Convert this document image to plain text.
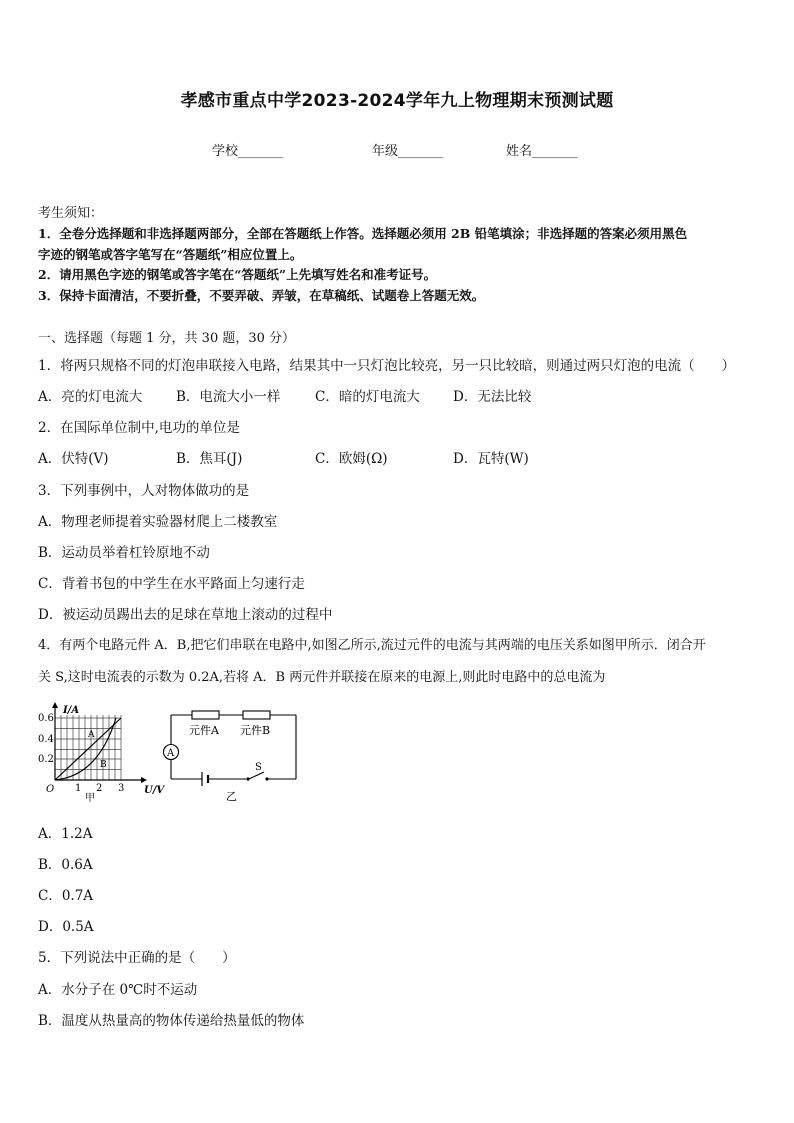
孝感市重点中学2023-2024学年九上物理期末预测试题
学校_______	年级_______	姓名_______
考生须知：
1．全卷分选择题和非选择题两部分，全部在答题纸上作答。选择题必须用 2B 铅笔填涂；非选择题的答案必须用黑色
字迹的钢笔或答字笔写在“答题纸”相应位置上。
2．请用黑色字迹的钢笔或答字笔在“答题纸”上先填写姓名和准考证号。
3．保持卡面清洁，不要折叠，不要弄破、弄皱，在草稿纸、试题卷上答题无效。
一、选择题（每题 1 分，共 30 题，30 分）
1．将两只规格不同的灯泡串联接入电路，结果其中一只灯泡比较亮，另一只比较暗，则通过两只灯泡的电流（　　）
A．亮的灯电流大	B．电流大小一样	C．暗的灯电流大 D．无法比较
2．在国际单位制中,电功的单位是
A．伏特(V)	B．焦耳(J)	C．欧姆(Ω)	D．瓦特(W)
3．下列事例中，人对物体做功的是
A．物理老师提着实验器材爬上二楼教室
B．运动员举着杠铃原地不动
C．背着书包的中学生在水平路面上匀速行走
D．被运动员踢出去的足球在草地上滚动的过程中
4．有两个电路元件 A．B,把它们串联在电路中,如图乙所示,流过元件的电流与其两端的电压关系如图甲所示．闭合开
关 S,这时电流表的示数为 0.2A,若将 A．B 两元件并联接在原来的电源上,则此时电路中的总电流为
I/A
U/V
O
0.6
0.4
0.2
1 2 3
A
B
甲
元件A 元件B
A
S
乙
A．1.2A
B．0.6A
C．0.7A
D．0.5A
5．下列说法中正确的是（　　）
A．水分子在 0℃时不运动
B．温度从热量高的物体传递给热量低的物体
